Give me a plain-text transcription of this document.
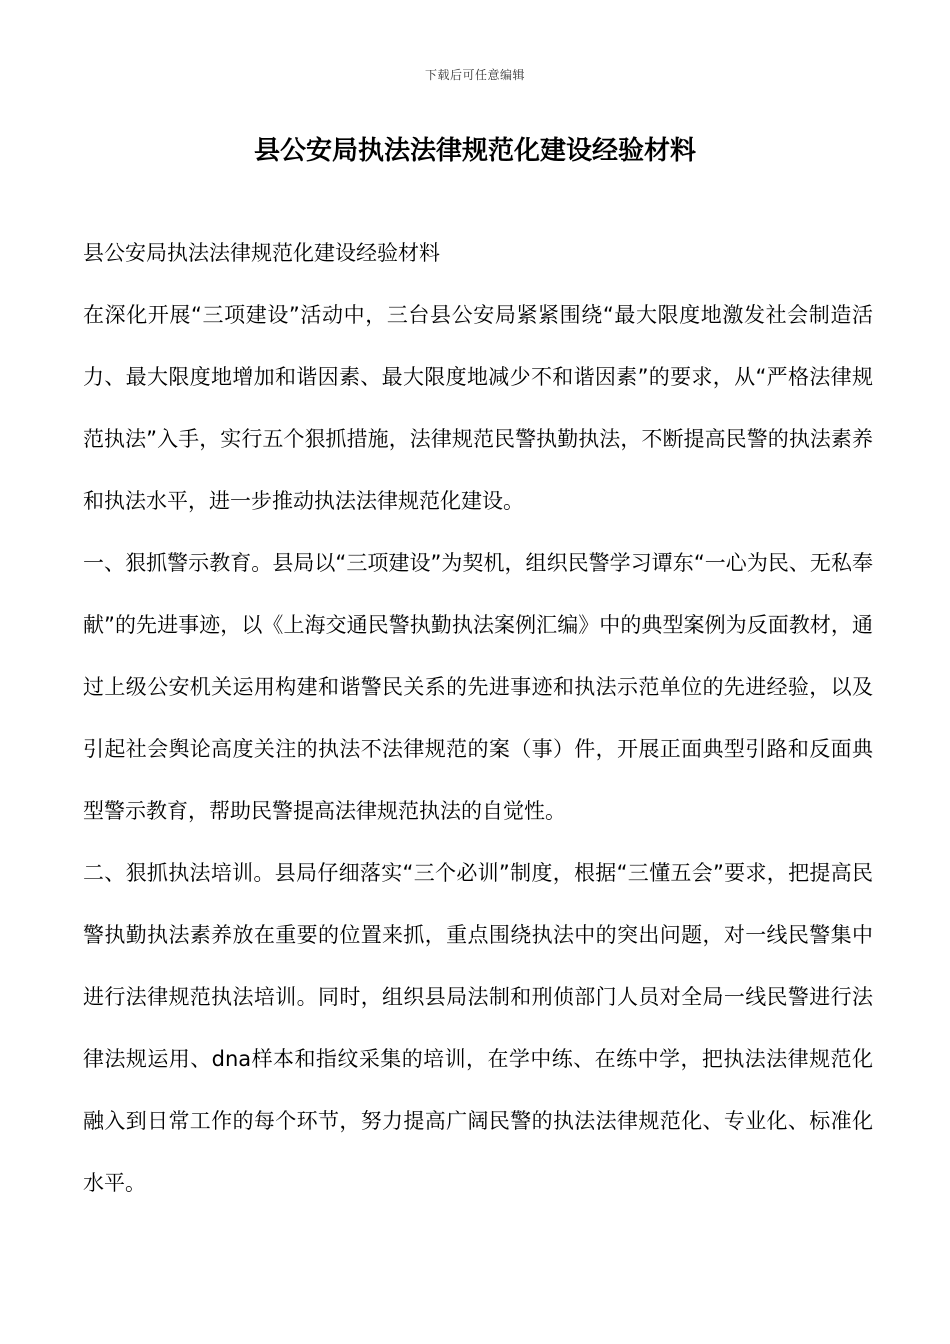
下载后可任意编辑
县公安局执法法律规范化建设经验材料

县公安局执法法律规范化建设经验材料

在深化开展“三项建设”活动中，三台县公安局紧紧围绕“最大限度地激发社会制造活力、最大限度地增加和谐因素、最大限度地减少不和谐因素”的要求，从“严格法律规范执法”入手，实行五个狠抓措施，法律规范民警执勤执法，不断提高民警的执法素养和执法水平，进一步推动执法法律规范化建设。

一、狠抓警示教育。县局以“三项建设”为契机，组织民警学习谭东“一心为民、无私奉献”的先进事迹，以《上海交通民警执勤执法案例汇编》中的典型案例为反面教材，通过上级公安机关运用构建和谐警民关系的先进事迹和执法示范单位的先进经验，以及引起社会舆论高度关注的执法不法律规范的案（事）件，开展正面典型引路和反面典型警示教育，帮助民警提高法律规范执法的自觉性。

二、狠抓执法培训。县局仔细落实“三个必训”制度，根据“三懂五会”要求，把提高民警执勤执法素养放在重要的位置来抓，重点围绕执法中的突出问题，对一线民警集中进行法律规范执法培训。同时，组织县局法制和刑侦部门人员对全局一线民警进行法律法规运用、dna样本和指纹采集的培训，在学中练、在练中学，把执法法律规范化融入到日常工作的每个环节，努力提高广阔民警的执法法律规范化、专业化、标准化水平。
